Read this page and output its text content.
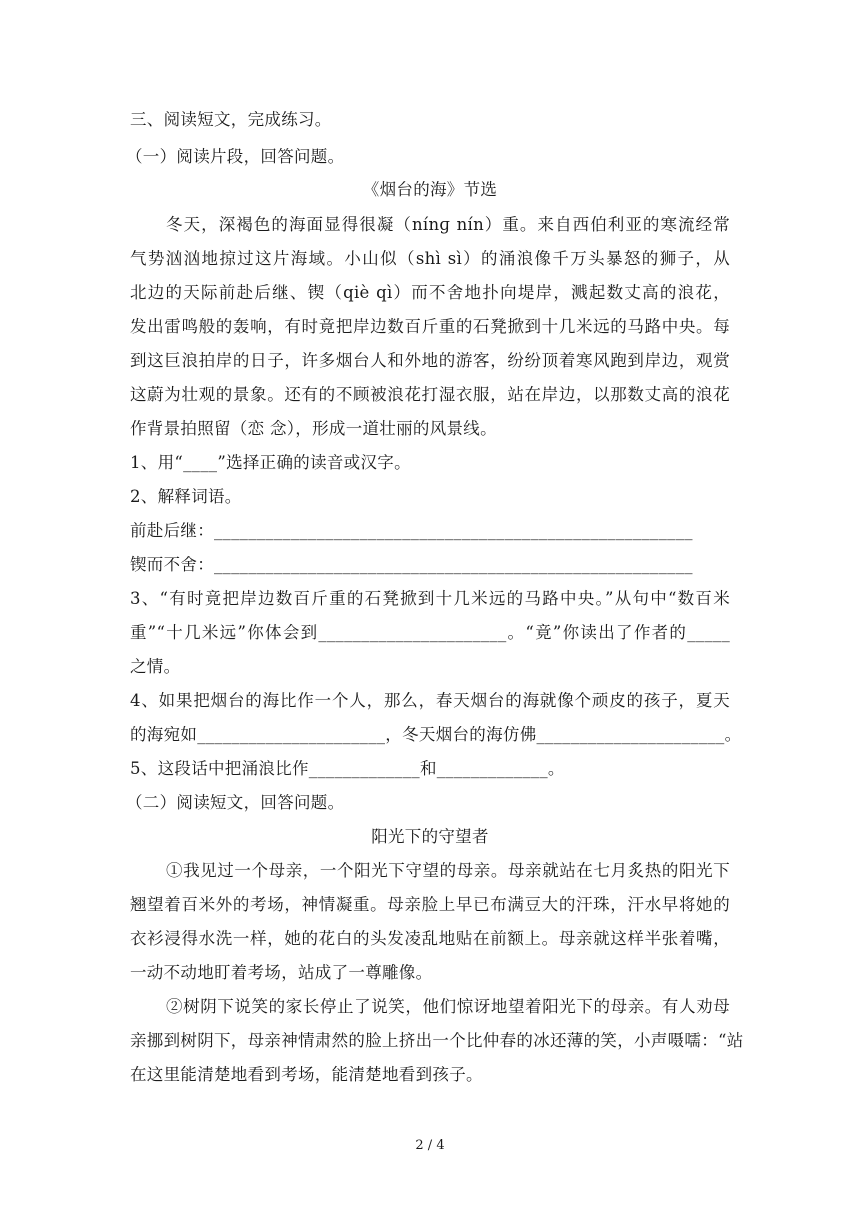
三、阅读短文，完成练习。
（一）阅读片段，回答问题。
《烟台的海》节选
冬天，深褐色的海面显得很凝（nínɡ nín）重。来自西伯利亚的寒流经常
气势汹汹地掠过这片海域。小山似（shì sì）的涌浪像千万头暴怒的狮子，从
北边的天际前赴后继、锲（qiè qì）而不舍地扑向堤岸，溅起数丈高的浪花，
发出雷鸣般的轰响，有时竟把岸边数百斤重的石凳掀到十几米远的马路中央。每
到这巨浪拍岸的日子，许多烟台人和外地的游客，纷纷顶着寒风跑到岸边，观赏
这蔚为壮观的景象。还有的不顾被浪花打湿衣服，站在岸边，以那数丈高的浪花
作背景拍照留（恋 念），形成一道壮丽的风景线。
1、用“____”选择正确的读音或汉字。
2、解释词语。
前赴后继：________________________________________________________
锲而不舍：________________________________________________________
3、“有时竟把岸边数百斤重的石凳掀到十几米远的马路中央。”从句中“数百米
重”“十几米远”你体会到______________________。“竟”你读出了作者的_____
之情。
4、如果把烟台的海比作一个人，那么，春天烟台的海就像个顽皮的孩子，夏天
的海宛如______________________，冬天烟台的海仿佛______________________。
5、这段话中把涌浪比作_____________和_____________。
（二）阅读短文，回答问题。
阳光下的守望者
①我见过一个母亲，一个阳光下守望的母亲。母亲就站在七月炙热的阳光下
翘望着百米外的考场，神情凝重。母亲脸上早已布满豆大的汗珠，汗水早将她的
衣衫浸得水洗一样，她的花白的头发凌乱地贴在前额上。母亲就这样半张着嘴，
一动不动地盯着考场，站成了一尊雕像。
②树阴下说笑的家长停止了说笑，他们惊讶地望着阳光下的母亲。有人劝母
亲挪到树阴下，母亲神情肃然的脸上挤出一个比仲春的冰还薄的笑，小声嗫嚅：“站
在这里能清楚地看到考场，能清楚地看到孩子。
2 / 4
